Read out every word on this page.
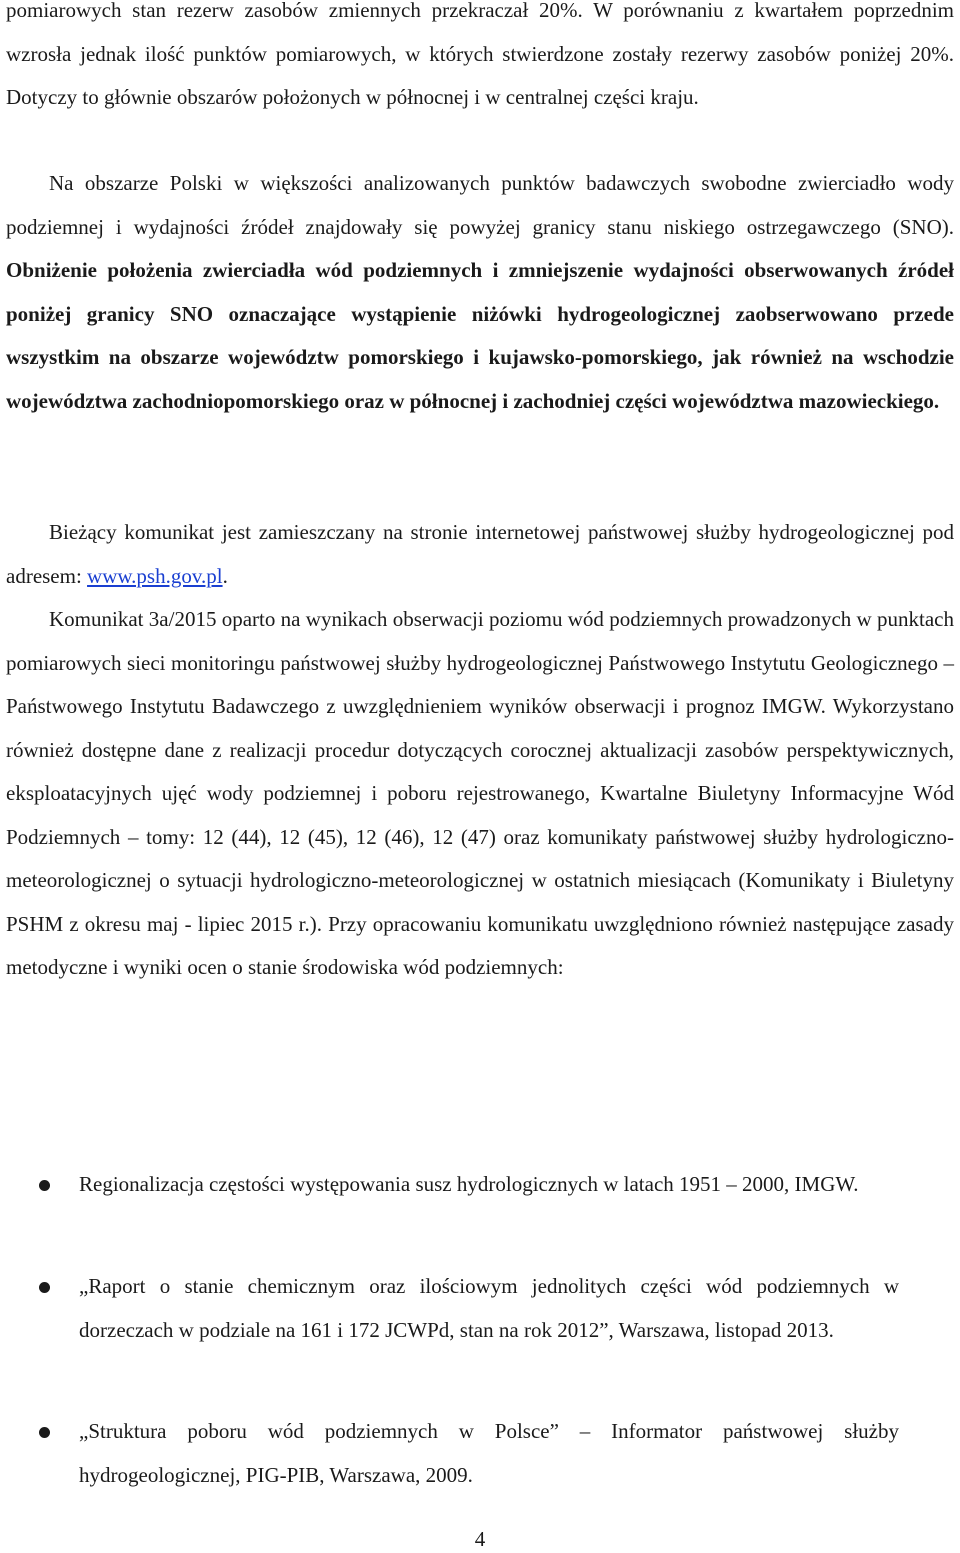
pomiarowych stan rezerw zasobów zmiennych przekraczał 20%. W porównaniu z kwartałem poprzednim wzrosła jednak ilość punktów pomiarowych, w których stwierdzone zostały rezerwy zasobów poniżej 20%. Dotyczy to głównie obszarów położonych w północnej i w centralnej części kraju.

Na obszarze Polski w większości analizowanych punktów badawczych swobodne zwierciadło wody podziemnej i wydajności źródeł znajdowały się powyżej granicy stanu niskiego ostrzegawczego (SNO). Obniżenie położenia zwierciadła wód podziemnych i zmniejszenie wydajności obserwowanych źródeł poniżej granicy SNO oznaczające wystąpienie niżówki hydrogeologicznej zaobserwowano przede wszystkim na obszarze województw pomorskiego i kujawsko-pomorskiego, jak również na wschodzie województwa zachodniopomorskiego oraz w północnej i zachodniej części województwa mazowieckiego.

Bieżący komunikat jest zamieszczany na stronie internetowej państwowej służby hydrogeologicznej pod adresem: www.psh.gov.pl.

Komunikat 3a/2015 oparto na wynikach obserwacji poziomu wód podziemnych prowadzonych w punktach pomiarowych sieci monitoringu państwowej służby hydrogeologicznej Państwowego Instytutu Geologicznego – Państwowego Instytutu Badawczego z uwzględnieniem wyników obserwacji i prognoz IMGW. Wykorzystano również dostępne dane z realizacji procedur dotyczących corocznej aktualizacji zasobów perspektywicznych, eksploatacyjnych ujęć wody podziemnej i poboru rejestrowanego, Kwartalne Biuletyny Informacyjne Wód Podziemnych – tomy: 12 (44), 12 (45), 12 (46), 12 (47) oraz komunikaty państwowej służby hydrologiczno-meteorologicznej o sytuacji hydrologiczno-meteorologicznej w ostatnich miesiącach (Komunikaty i Biuletyny PSHM z okresu maj - lipiec 2015 r.). Przy opracowaniu komunikatu uwzględniono również następujące zasady metodyczne i wyniki ocen o stanie środowiska wód podziemnych:

Regionalizacja częstości występowania susz hydrologicznych w latach 1951 – 2000, IMGW.
„Raport o stanie chemicznym oraz ilościowym jednolitych części wód podziemnych w dorzeczach w podziale na 161 i 172 JCWPd, stan na rok 2012”, Warszawa, listopad 2013.
„Struktura poboru wód podziemnych w Polsce” – Informator państwowej służby hydrogeologicznej, PIG-PIB, Warszawa, 2009.
4
